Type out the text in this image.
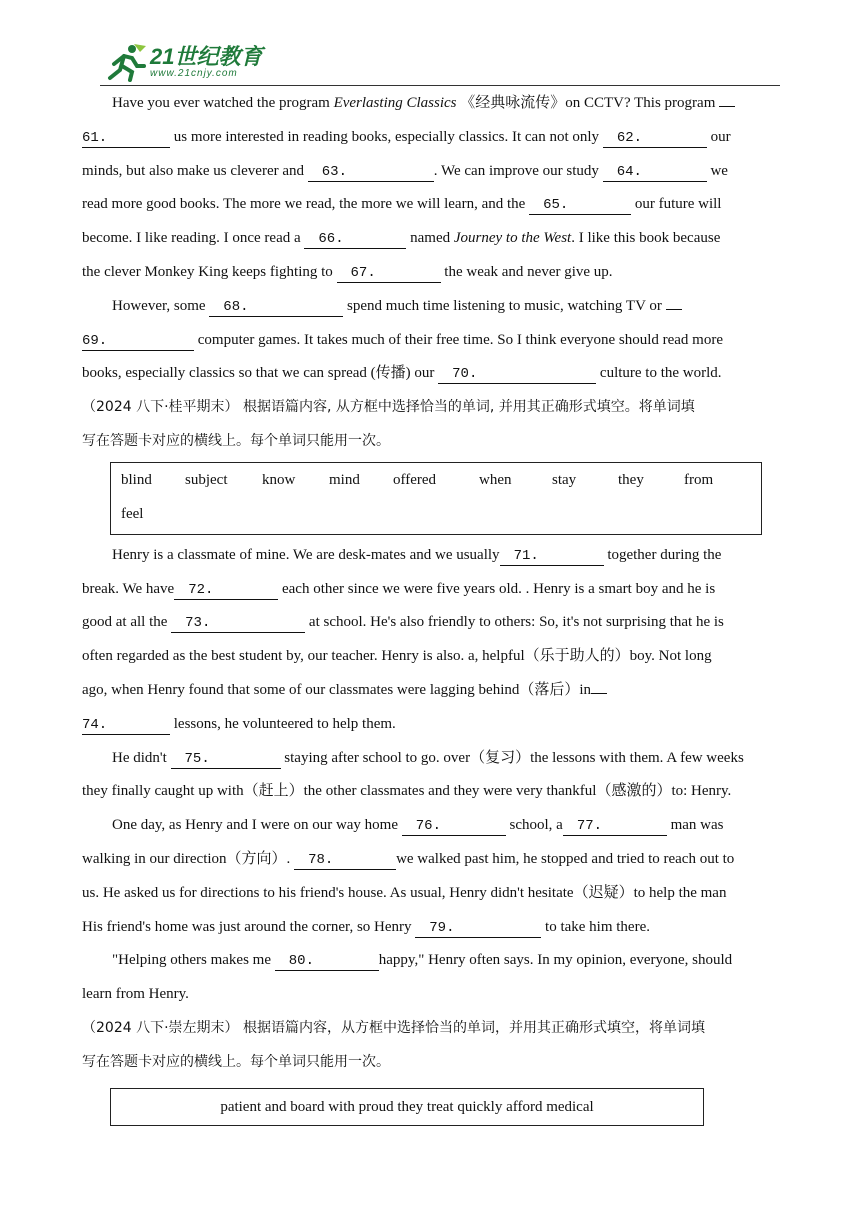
21世纪教育
www.21cnjy.com
Have you ever watched the program Everlasting Classics 《经典咏流传》on CCTV? This program
61.	us more interested in reading books, especially classics. It can not only 62.	our
minds, but also make us cleverer and 63.	. We can improve our study 64.	we
read more good books. The more we read, the more we will learn, and the 65.	our future will
become. I like reading. I once read a 66.	named Journey to the West. I like this book because
the clever Monkey King keeps fighting to 67.	the weak and never give up.
However, some 68.	spend much time listening to music, watching TV or
69.	computer games. It takes much of their free time. So I think everyone should read more
books, especially classics so that we can spread (传播) our 70.	culture to the world.
（2024 八下·桂平期末） 根据语篇内容, 从方框中选择恰当的单词, 并用其正确形式填空。将单词填
写在答题卡对应的横线上。每个单词只能用一次。
blind subject know mind offered	when	stay	they	from
feel
Henry is a classmate of mine. We are desk-mates and we usually 71.	together during the
break. We have 72.	each other since we were five years old. . Henry is a smart boy and he is
good at all the 73.	at school. He's also friendly to others: So, it's not surprising that he is
often regarded as the best student by, our teacher. Henry is also. a, helpful（乐于助人的）boy. Not long
ago, when Henry found that some of our classmates were lagging behind（落后）in
74.	lessons, he volunteered to help them.
He didn't 75.	staying after school to go. over（复习）the lessons with them. A few weeks
they finally caught up with（赶上）the other classmates and they were very thankful（感激的）to: Henry.
One day, as Henry and I were on our way home 76.	school, a 77.	man was
walking in our direction（方向）. 78.	we walked past him, he stopped and tried to reach out to
us. He asked us for directions to his friend's house. As usual, Henry didn't hesitate（迟疑）to help the man
His friend's home was just around the corner, so Henry 79.	to take him there.
"Helping others makes me 80.	happy," Henry often says. In my opinion, everyone, should
learn from Henry.
（2024 八下·崇左期末） 根据语篇内容，从方框中选择恰当的单词，并用其正确形式填空，将单词填
写在答题卡对应的横线上。每个单词只能用一次。
patient and board with proud they treat quickly afford medical
